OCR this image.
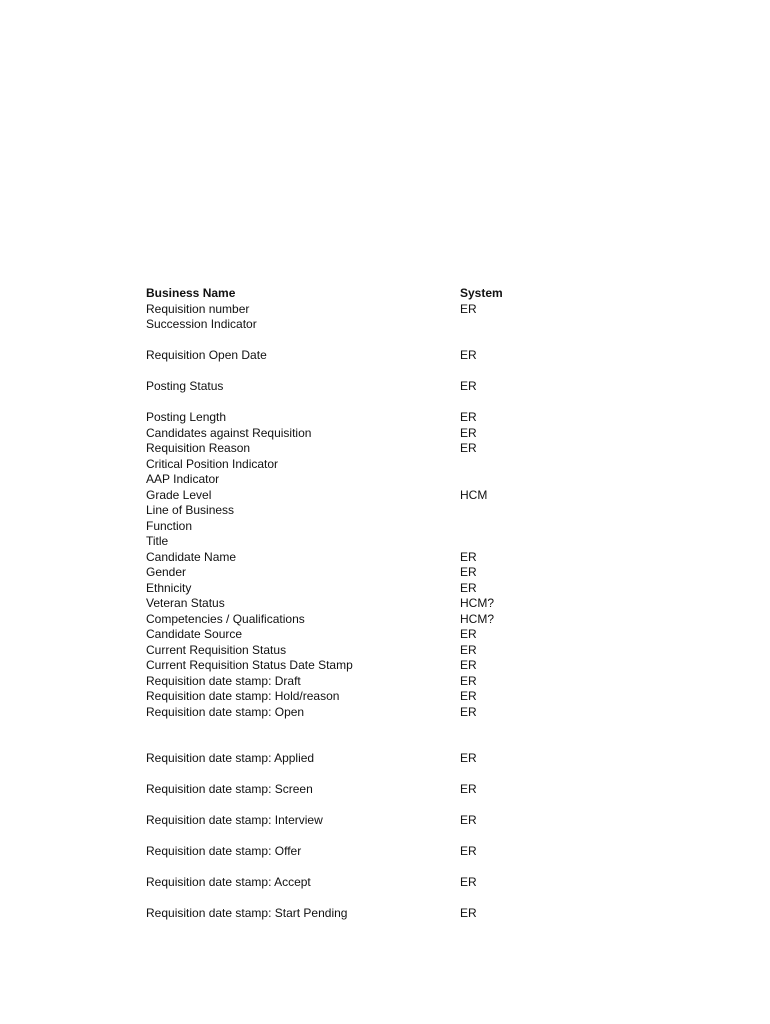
Business Name	System
Requisition number	ER
Succession Indicator
Requisition Open Date	ER
Posting Status	ER
Posting Length	ER
Candidates against Requisition	ER
Requisition Reason	ER
Critical Position Indicator
AAP Indicator
Grade Level	HCM
Line of Business
Function
Title
Candidate Name	ER
Gender	ER
Ethnicity	ER
Veteran Status	HCM?
Competencies / Qualifications	HCM?
Candidate Source	ER
Current Requisition Status	ER
Current Requisition Status Date Stamp	ER
Requisition date stamp: Draft	ER
Requisition date stamp: Hold/reason	ER
Requisition date stamp: Open	ER
Requisition date stamp: Applied	ER
Requisition date stamp: Screen	ER
Requisition date stamp: Interview	ER
Requisition date stamp: Offer	ER
Requisition date stamp: Accept	ER
Requisition date stamp: Start Pending	ER
